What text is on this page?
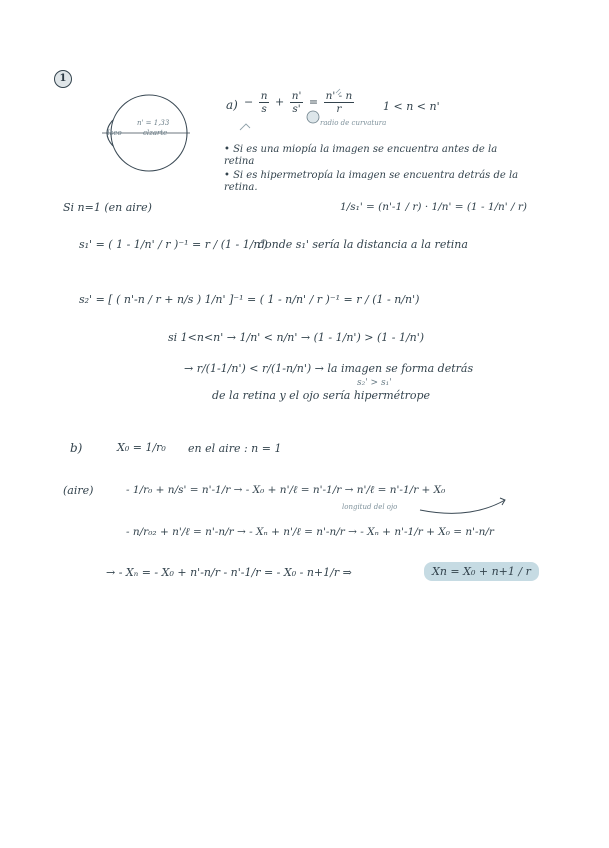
1
n' = 1,33
Iseo	clzarte
$a) - \frac{n}{s} + \frac{n'}{s'} = \frac{n' - n}{r}$	1 < n < n'
radio de curvatura
• Si es una miopía la imagen se encuentra antes de la retina
• Si es hipermetropía la imagen se encuentra detrás de la retina.
Si n=1 (en aire)	1/s₁' = (n'-1 / r) · 1/n' = (1 - 1/n' / r)
s₁' = ( 1 - 1/n' / r )⁻¹ = r / (1 - 1/n')
donde s₁' sería la distancia a la retina
s₂' = [ ( n'-n / r + n/s ) 1/n' ]⁻¹ = ( 1 - n/n' / r )⁻¹ = r / (1 - n/n')
si 1<n<n' → 1/n' < n/n' → (1 - 1/n') > (1 - 1/n')
→ r/(1-1/n') < r/(1-n/n') → la imagen se forma detrás
s₂' > s₁'
de la retina y el ojo sería hipermétrope
b)	X₀ = 1/r₀ en el aire : n = 1
(aire)	- 1/r₀ + n/s' = n'-1/r → - X₀ + n'/ℓ = n'-1/r → n'/ℓ = n'-1/r + X₀
longitud del ojo
- n/r₀₂ + n'/ℓ = n'-n/r → - Xₙ + n'/ℓ = n'-n/r → - Xₙ + n'-1/r + X₀ = n'-n/r
→ - Xₙ = - X₀ + n'-n/r - n'-1/r = - X₀ - n+1/r ⇒	Xn = X₀ + n+1 / r
